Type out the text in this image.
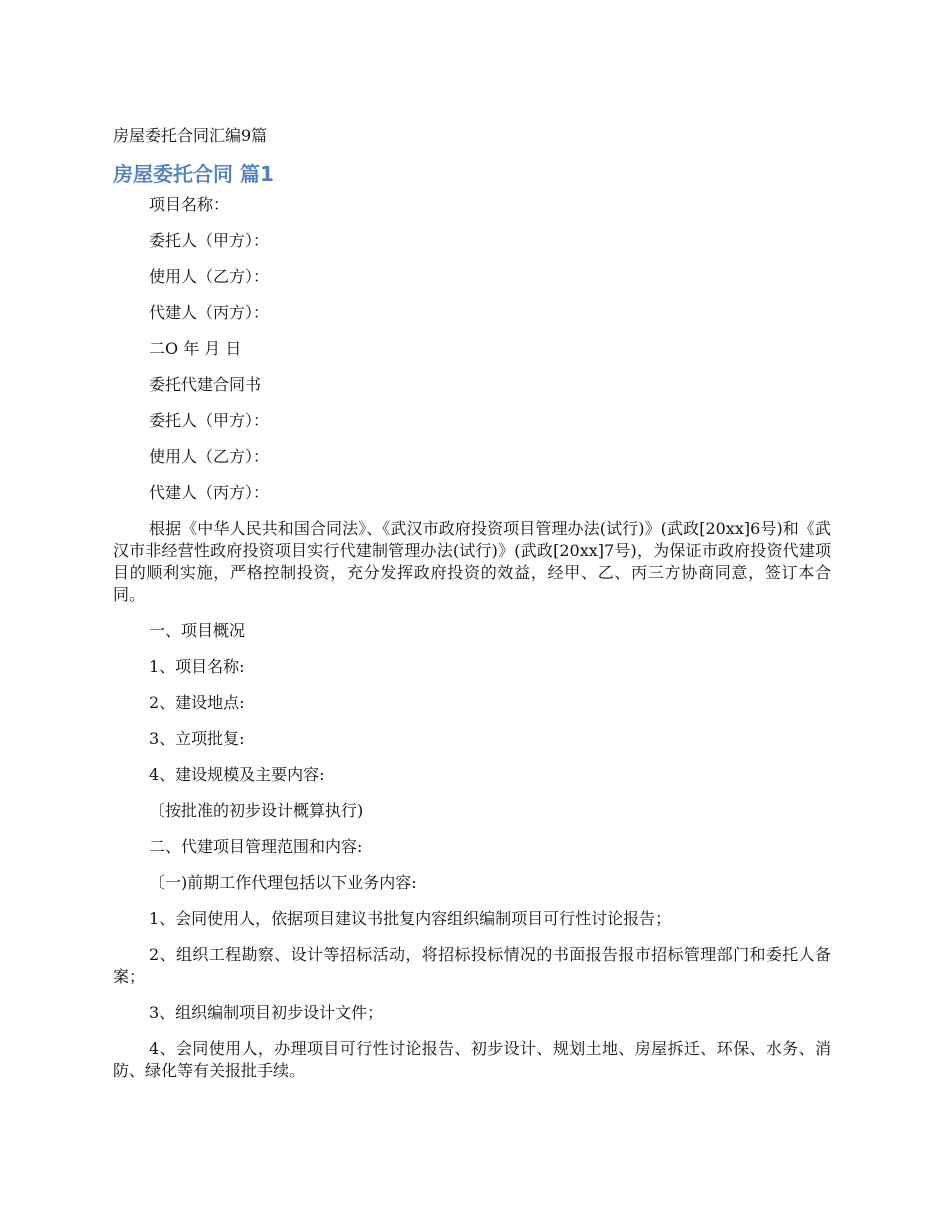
房屋委托合同汇编9篇
房屋委托合同 篇1

项目名称：

委托人（甲方）：

使用人（乙方）：

代建人（丙方）：

二O 年 月 日

委托代建合同书

委托人（甲方）：

使用人（乙方）：

代建人（丙方）：

根据《中华人民共和国合同法》、《武汉市政府投资项目管理办法(试行)》(武政[20xx]6号)和《武汉市非经营性政府投资项目实行代建制管理办法(试行)》(武政[20xx]7号)，为保证市政府投资代建项目的顺利实施，严格控制投资，充分发挥政府投资的效益，经甲、乙、丙三方协商同意，签订本合同。

一、项目概况

1、项目名称:

2、建设地点:

3、立项批复:

4、建设规模及主要内容:

〔按批准的初步设计概算执行)

二、代建项目管理范围和内容:

〔一)前期工作代理包括以下业务内容:

1、会同使用人，依据项目建议书批复内容组织编制项目可行性讨论报告；

2、组织工程勘察、设计等招标活动，将招标投标情况的书面报告报市招标管理部门和委托人备案；

3、组织编制项目初步设计文件；

4、会同使用人，办理项目可行性讨论报告、初步设计、规划土地、房屋拆迁、环保、水务、消防、绿化等有关报批手续。
